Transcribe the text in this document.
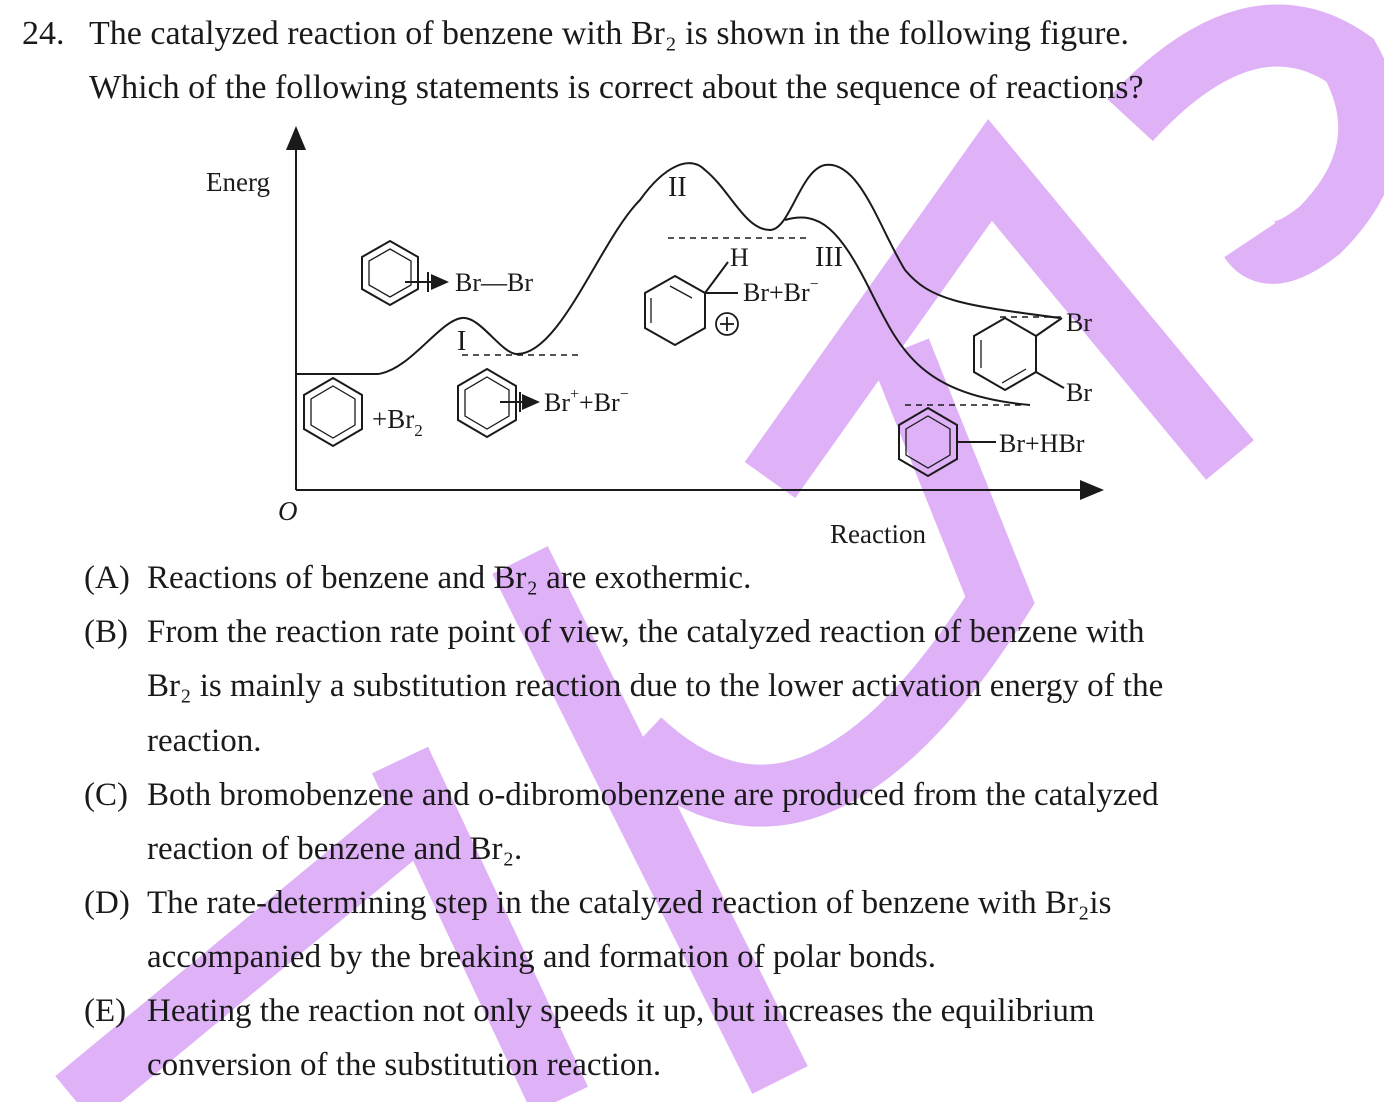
24. The catalyzed reaction of benzene with Br₂ is shown in the following figure.
Which of the following statements is correct about the sequence of reactions?
Energ
O
Reaction
I
II
III
$+Br_2$
Br—Br
Br++Br−
H
Br+Br−
Br
Br
Br+HBr
(A) Reactions of benzene and Br₂ are exothermic.
(B) From the reaction rate point of view, the catalyzed reaction of benzene with
Br₂ is mainly a substitution reaction due to the lower activation energy of the
reaction.
(C) Both bromobenzene and o-dibromobenzene are produced from the catalyzed
reaction of benzene and Br₂.
(D) The rate-determining step in the catalyzed reaction of benzene with Br₂is
accompanied by the breaking and formation of polar bonds.
(E) Heating the reaction not only speeds it up, but increases the equilibrium
conversion of the substitution reaction.
